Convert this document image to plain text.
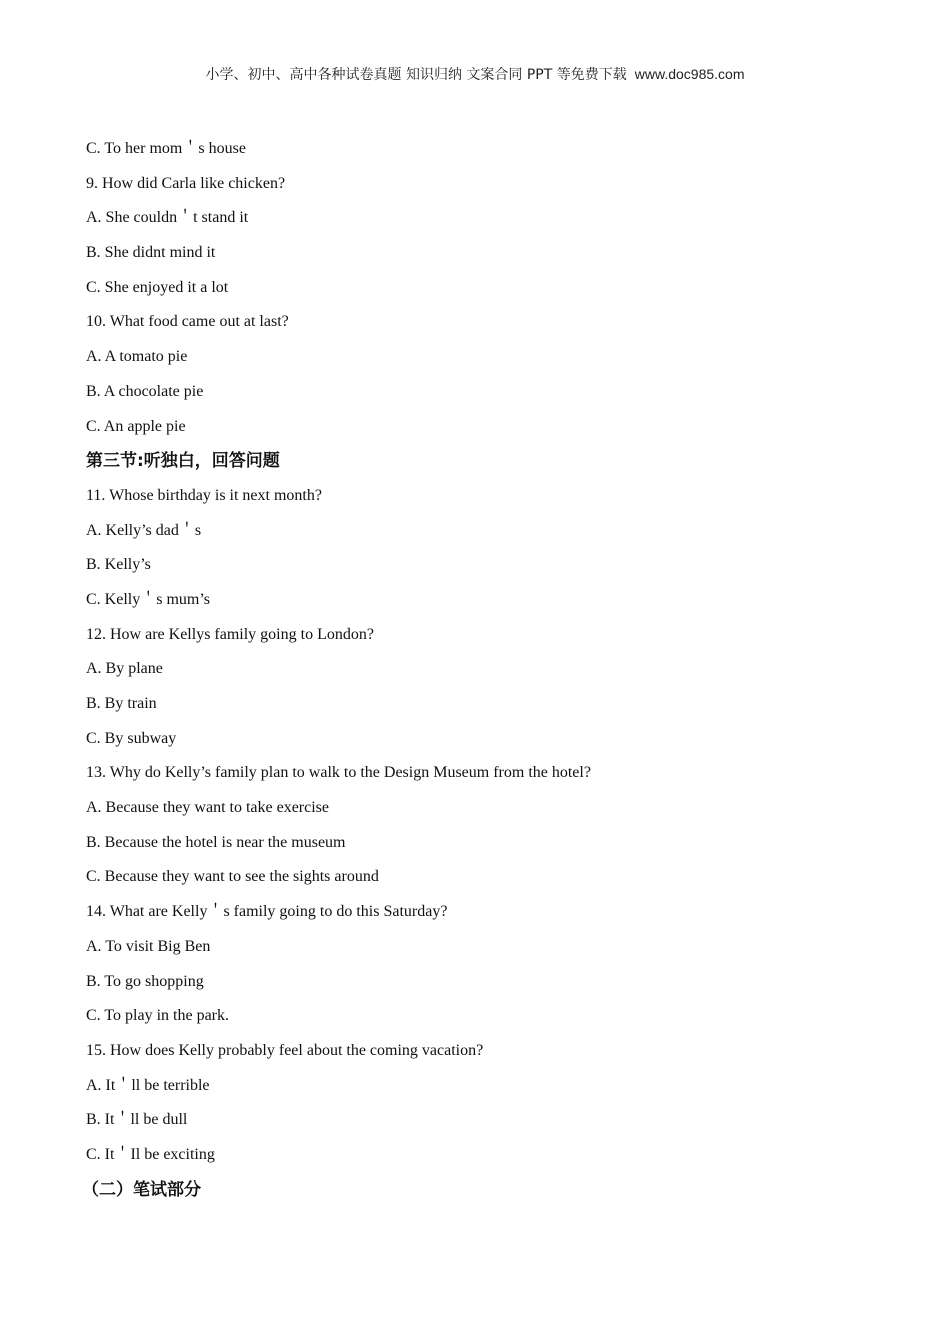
小学、初中、高中各种试卷真题 知识归纳 文案合同 PPT 等免费下载 www.doc985.com
C. To her mom＇s house
9. How did Carla like chicken?
A. She couldn＇t stand it
B. She didnt mind it
C. She enjoyed it a lot
10. What food came out at last?
A. A tomato pie
B. A chocolate pie
C. An apple pie
第三节:听独白，回答问题
11. Whose birthday is it next month?
A. Kelly’s dad＇s
B. Kelly’s
C. Kelly＇s mum’s
12. How are Kellys family going to London?
A. By plane
B. By train
C. By subway
13. Why do Kelly’s family plan to walk to the Design Museum from the hotel?
A. Because they want to take exercise
B. Because the hotel is near the museum
C. Because they want to see the sights around
14. What are Kelly＇s family going to do this Saturday?
A. To visit Big Ben
B. To go shopping
C. To play in the park.
15. How does Kelly probably feel about the coming vacation?
A. It＇ll be terrible
B. It＇ll be dull
C. It＇Il be exciting
（二）笔试部分
